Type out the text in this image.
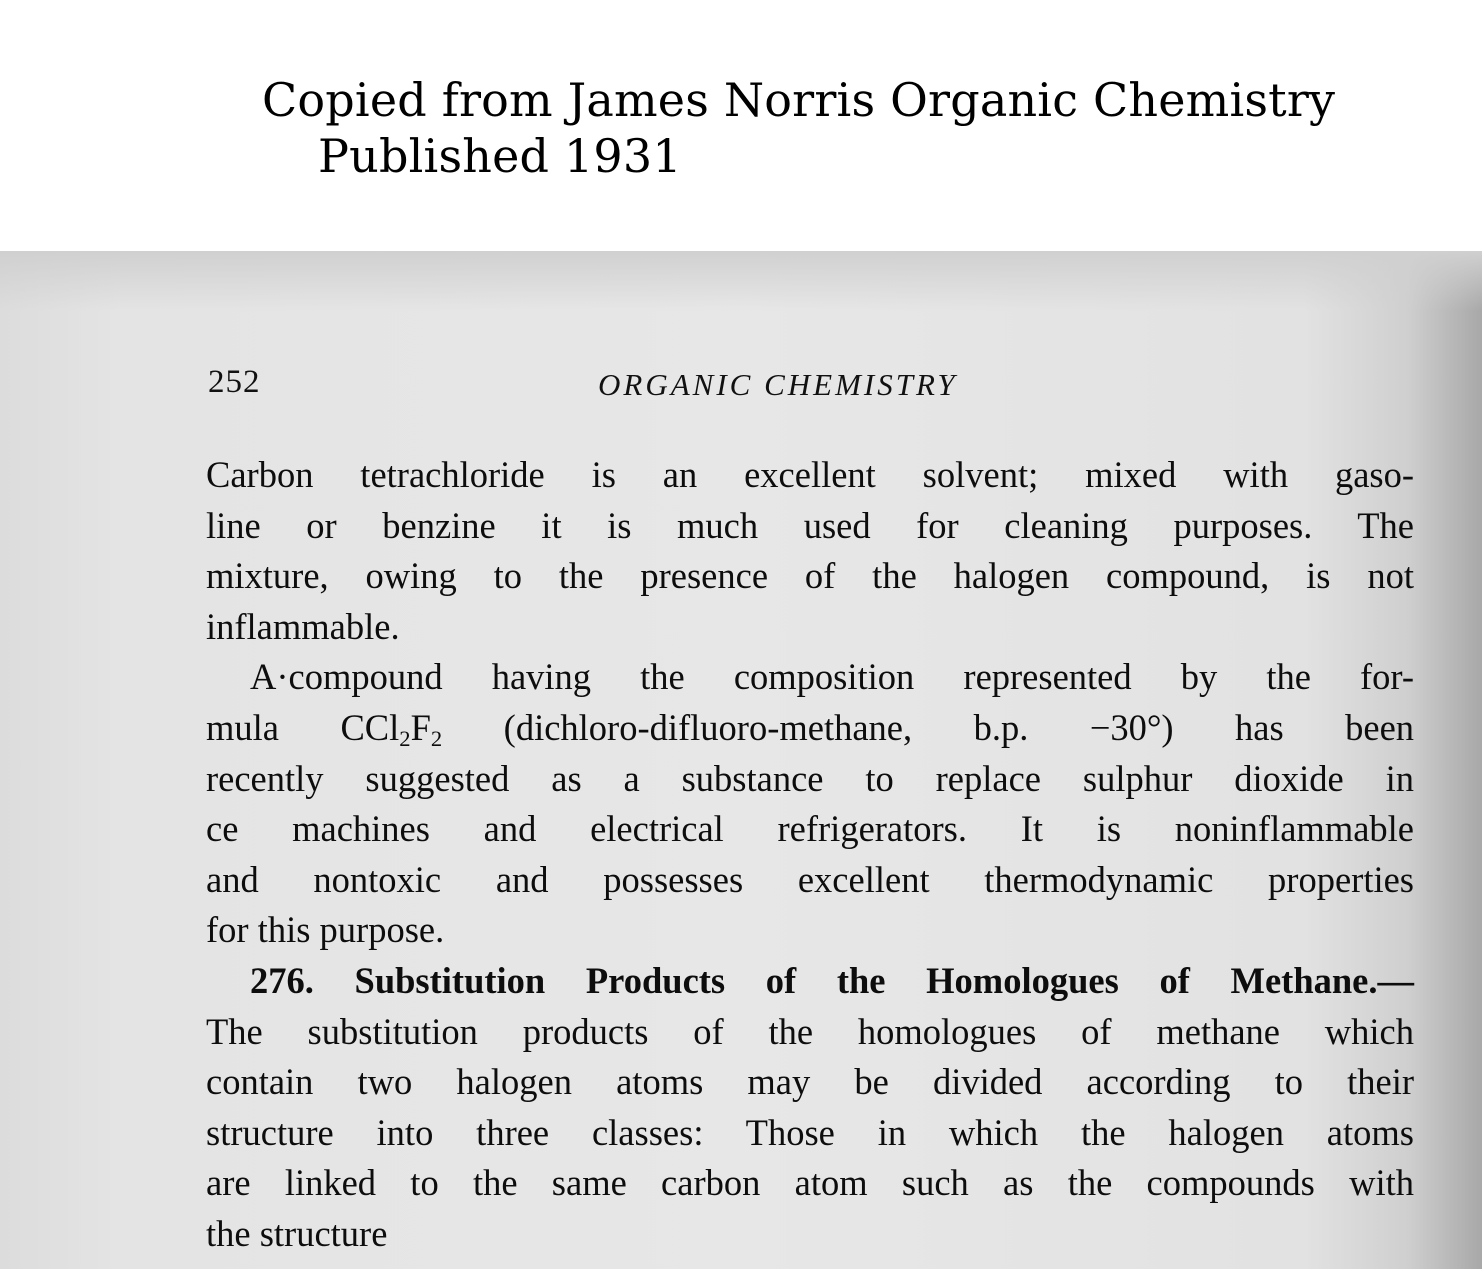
Copied from James Norris Organic Chemistry
Published 1931
252	ORGANIC CHEMISTRY
Carbon tetrachloride is an excellent solvent; mixed with gaso-
line or benzine it is much used for cleaning purposes. The
mixture, owing to the presence of the halogen compound, is not
inflammable.
A·compound having the composition represented by the for-
mula $CCl_2F_2$ (dichloro-difluoro-methane, b.p. −30°) has been
recently suggested as a substance to replace sulphur dioxide in
ce machines and electrical refrigerators. It is noninflammable
and nontoxic and possesses excellent thermodynamic properties
for this purpose.
276. Substitution Products of the Homologues of Methane.—
The substitution products of the homologues of methane which
contain two halogen atoms may be divided according to their
structure into three classes: Those in which the halogen atoms
are linked to the same carbon atom such as the compounds with
the structure
